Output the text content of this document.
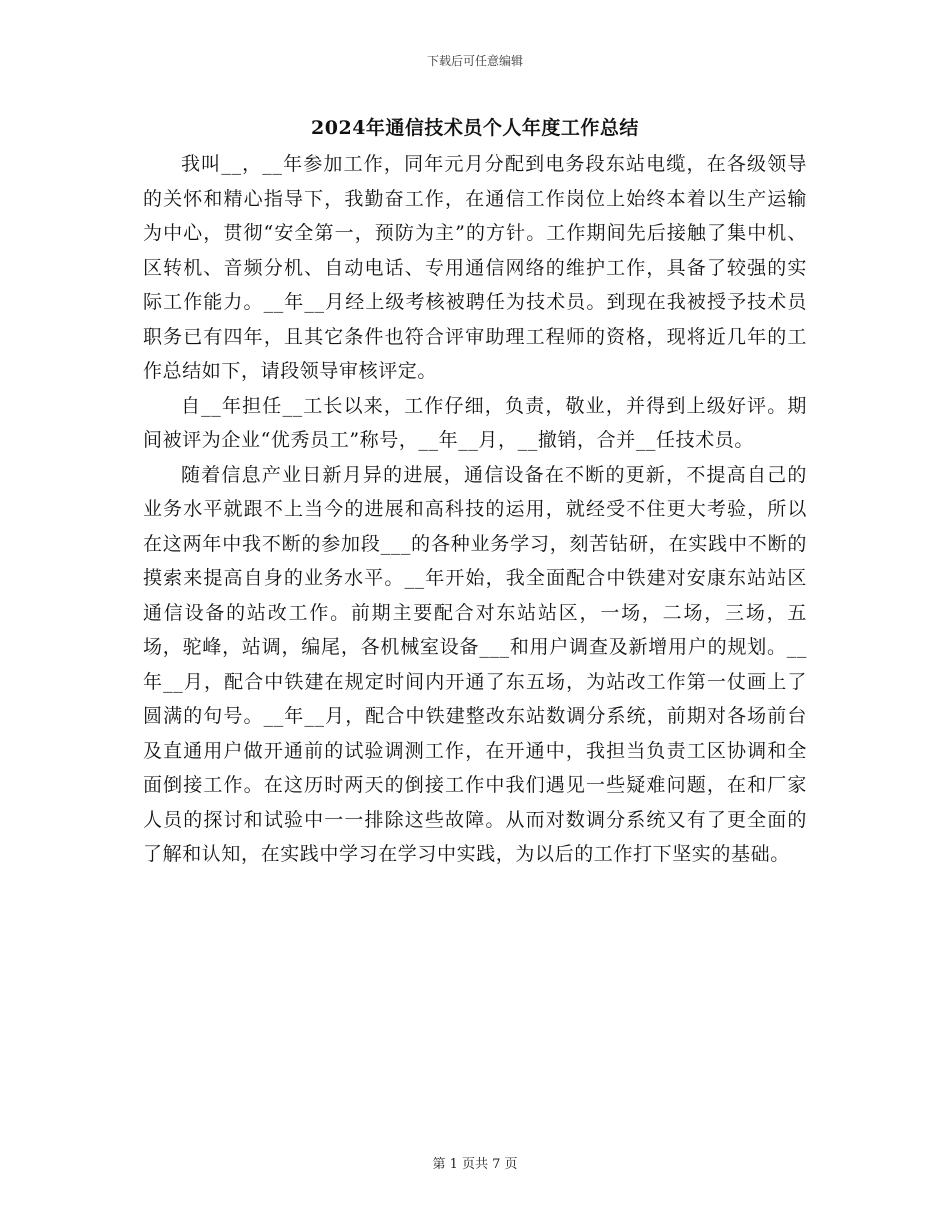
下载后可任意编辑
2024年通信技术员个人年度工作总结

我叫__，__年参加工作，同年元月分配到电务段东站电缆，在各级领导的关怀和精心指导下，我勤奋工作，在通信工作岗位上始终本着以生产运输为中心，贯彻“安全第一，预防为主”的方针。工作期间先后接触了集中机、区转机、音频分机、自动电话、专用通信网络的维护工作，具备了较强的实际工作能力。__年__月经上级考核被聘任为技术员。到现在我被授予技术员职务已有四年，且其它条件也符合评审助理工程师的资格，现将近几年的工作总结如下，请段领导审核评定。

自__年担任__工长以来，工作仔细，负责，敬业，并得到上级好评。期间被评为企业“优秀员工”称号，__年__月，__撤销，合并__任技术员。

随着信息产业日新月异的进展，通信设备在不断的更新，不提高自己的业务水平就跟不上当今的进展和高科技的运用，就经受不住更大考验，所以在这两年中我不断的参加段___的各种业务学习，刻苦钻研，在实践中不断的摸索来提高自身的业务水平。__年开始，我全面配合中铁建对安康东站站区通信设备的站改工作。前期主要配合对东站站区，一场，二场，三场，五场，驼峰，站调，编尾，各机械室设备___和用户调查及新增用户的规划。__年__月，配合中铁建在规定时间内开通了东五场，为站改工作第一仗画上了圆满的句号。__年__月，配合中铁建整改东站数调分系统，前期对各场前台及直通用户做开通前的试验调测工作，在开通中，我担当负责工区协调和全面倒接工作。在这历时两天的倒接工作中我们遇见一些疑难问题，在和厂家人员的探讨和试验中一一排除这些故障。从而对数调分系统又有了更全面的了解和认知，在实践中学习在学习中实践，为以后的工作打下坚实的基础。

第 1 页共 7 页
